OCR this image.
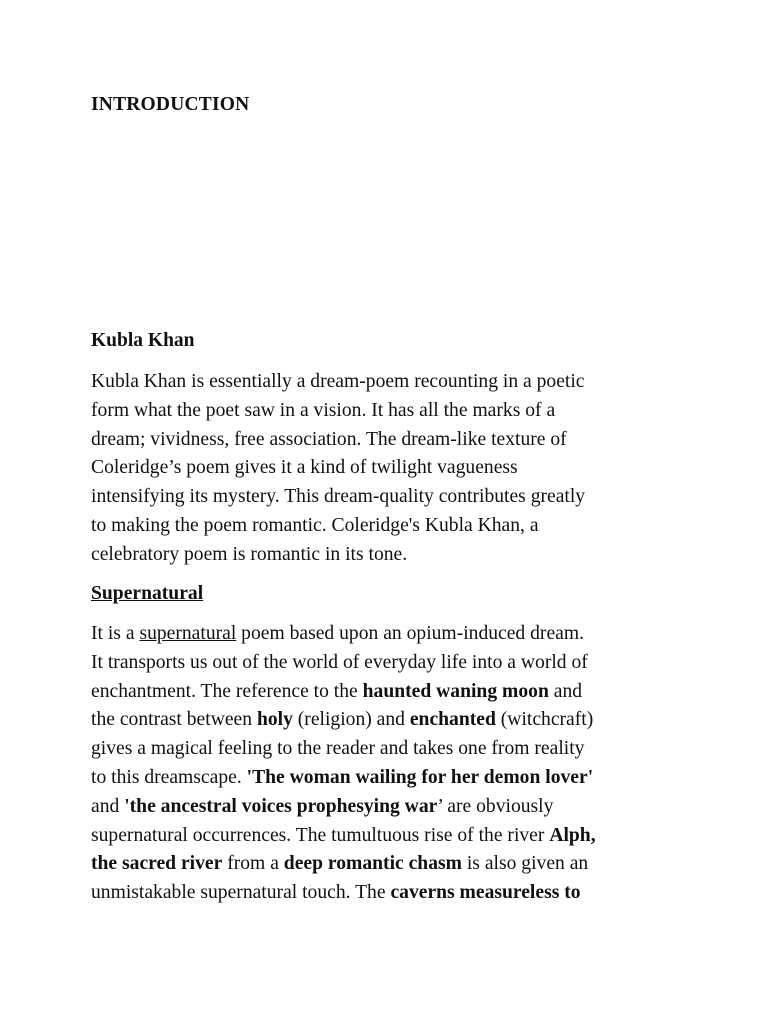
INTRODUCTION
Kubla Khan

Kubla Khan is essentially a dream-poem recounting in a poetic
form what the poet saw in a vision. It has all the marks of a
dream; vividness, free association. The dream-like texture of
Coleridge’s poem gives it a kind of twilight vagueness
intensifying its mystery. This dream-quality contributes greatly
to making the poem romantic. Coleridge's Kubla Khan, a
celebratory poem is romantic in its tone.

Supernatural

It is a supernatural poem based upon an opium-induced dream.
It transports us out of the world of everyday life into a world of
enchantment. The reference to the haunted waning moon and
the contrast between holy (religion) and enchanted (witchcraft)
gives a magical feeling to the reader and takes one from reality
to this dreamscape. 'The woman wailing for her demon lover'
and 'the ancestral voices prophesying war’ are obviously
supernatural occurrences. The tumultuous rise of the river Alph,
the sacred river from a deep romantic chasm is also given an
unmistakable supernatural touch. The caverns measureless to
